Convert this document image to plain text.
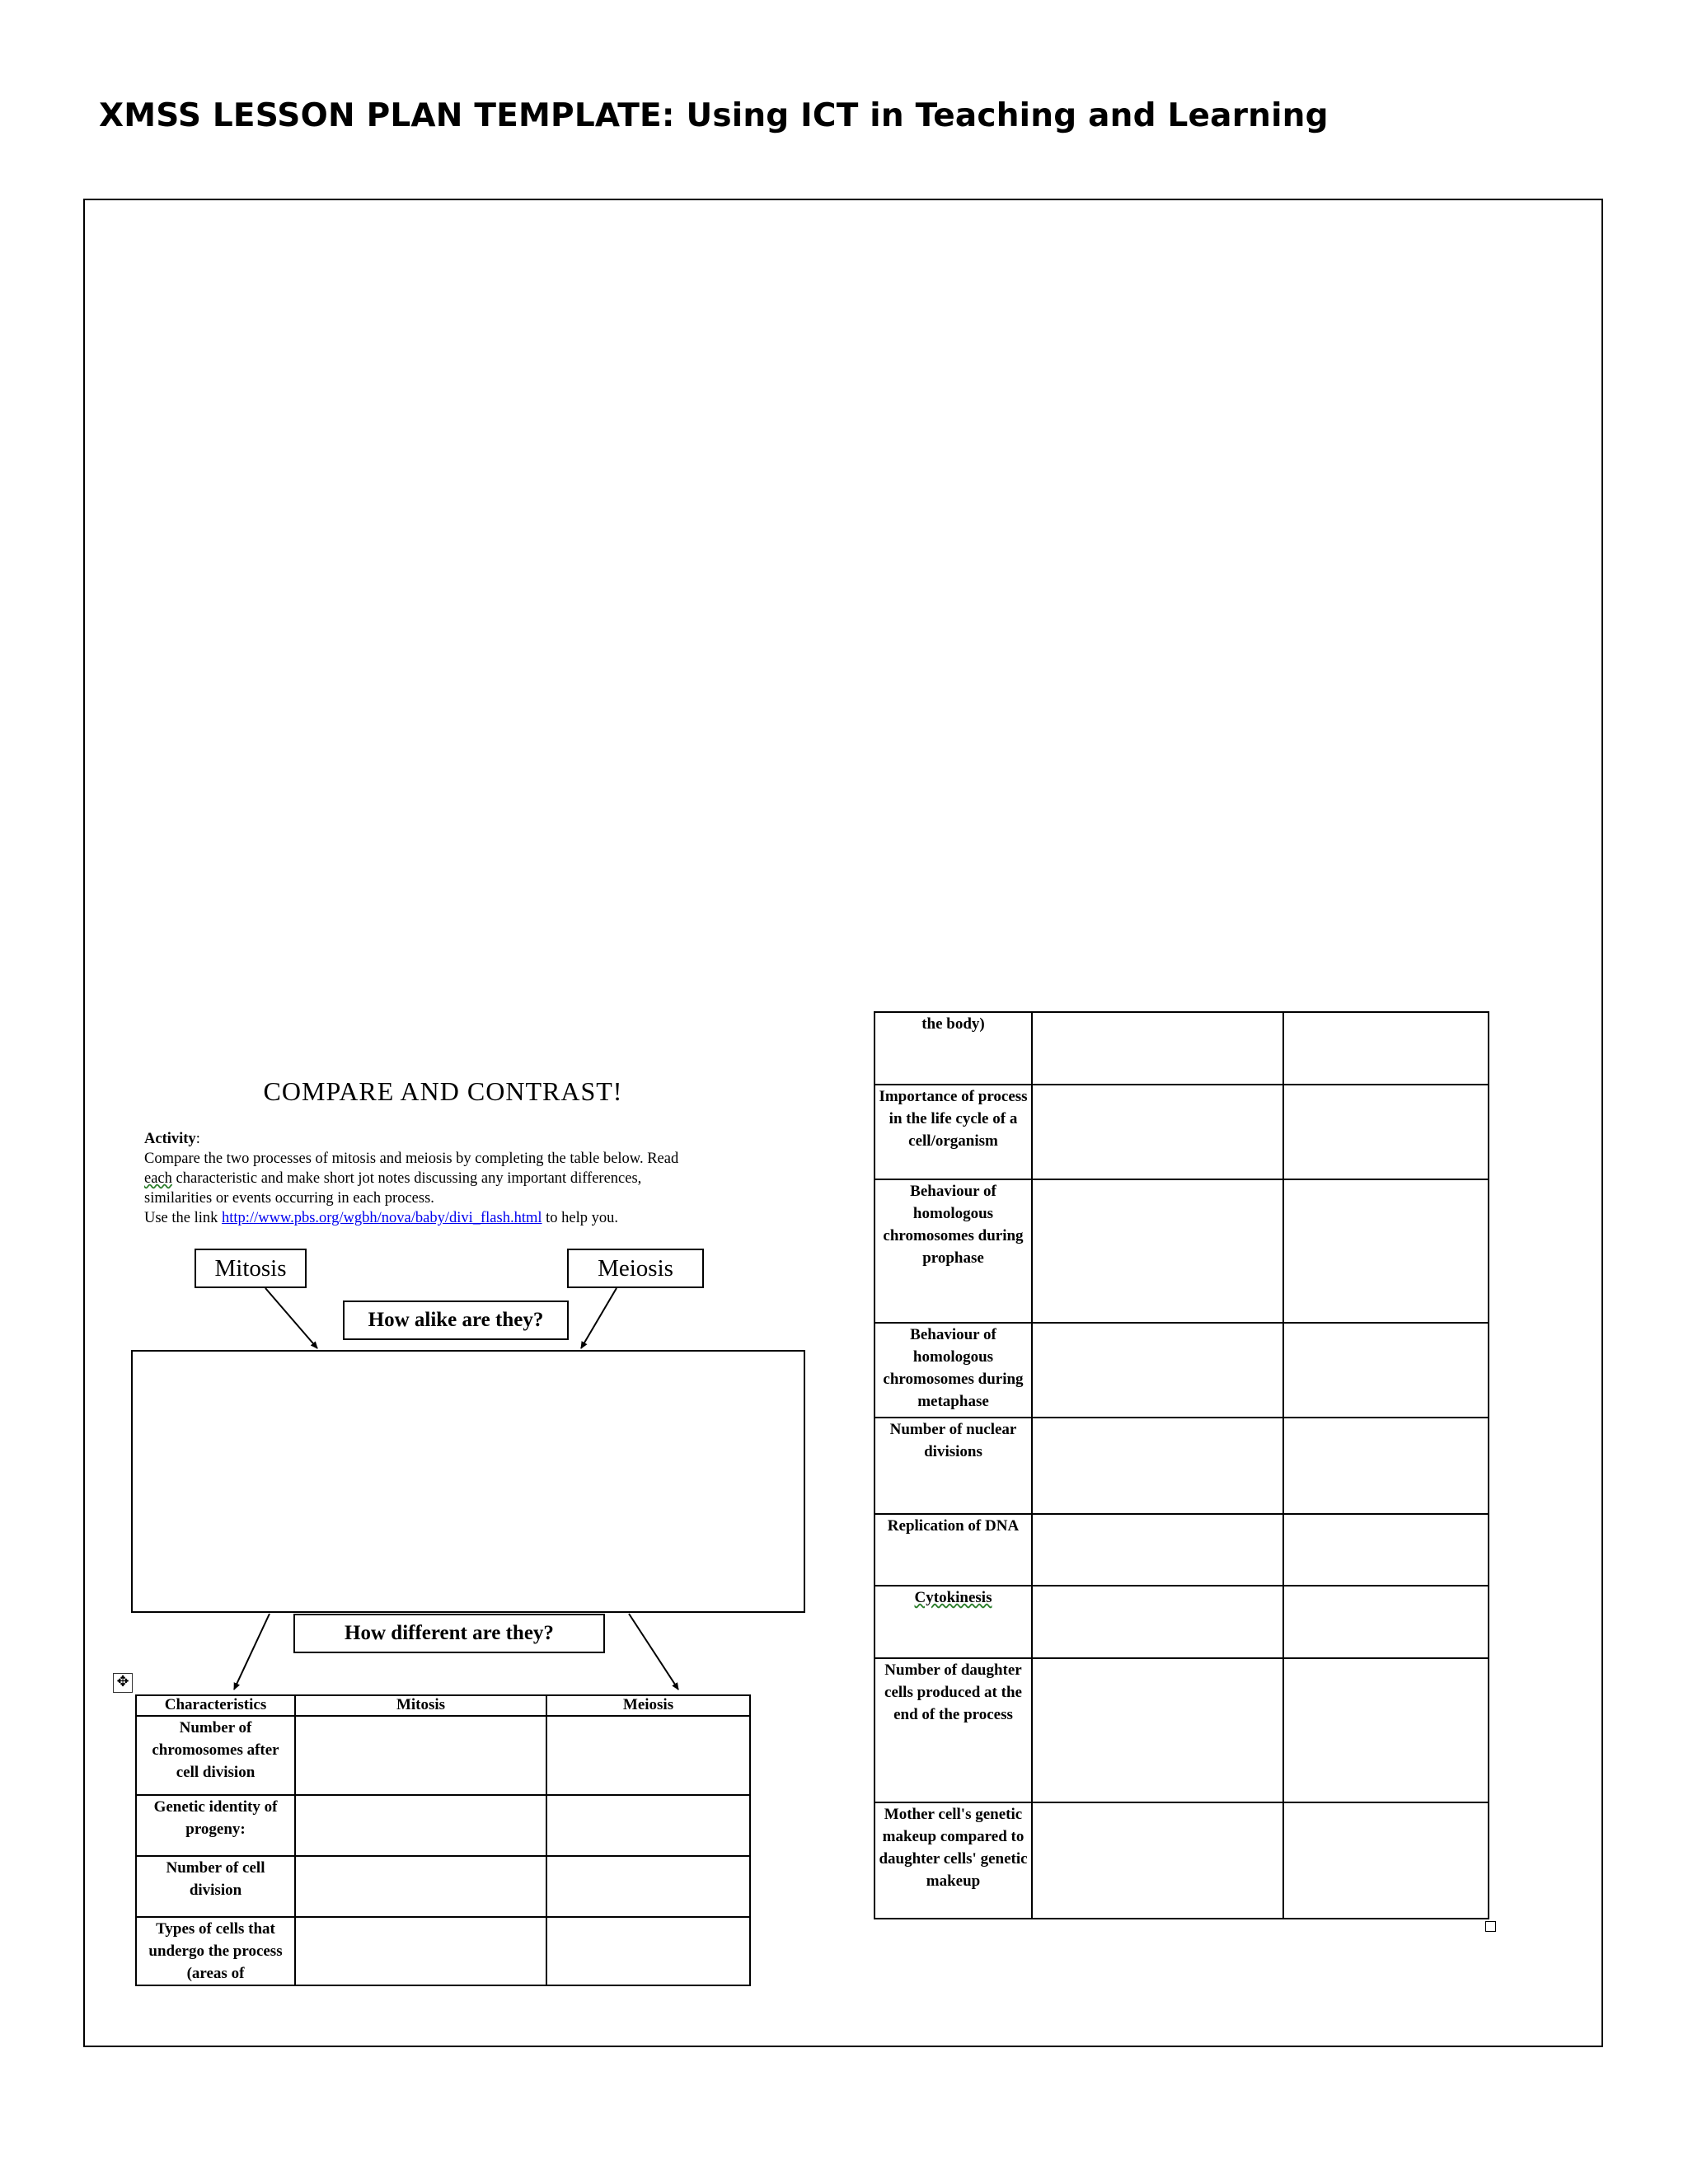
XMSS LESSON PLAN TEMPLATE: Using ICT in Teaching and Learning
COMPARE AND CONTRAST!
Activity:
Compare the two processes of mitosis and meiosis by completing the table below. Read
each characteristic and make short jot notes discussing any important differences,
similarities or events occurring in each process.
Use the link http://www.pbs.org/wgbh/nova/baby/divi_flash.html to help you.
Mitosis	Meiosis
How alike are they?
How different are they?
✥
Characteristics	Mitosis	Meiosis
Number of chromosomes after cell division		
Genetic identity of progeny:		
Number of cell division		
Types of cells that undergo the process (areas of		
the body)		
Importance of process in the life cycle of a cell/organism		
Behaviour of homologous chromosomes during prophase		
Behaviour of homologous chromosomes during metaphase		
Number of nuclear divisions		
Replication of DNA		
Cytokinesis		
Number of daughter cells produced at the end of the process		
Mother cell's genetic makeup compared to daughter cells' genetic makeup		
